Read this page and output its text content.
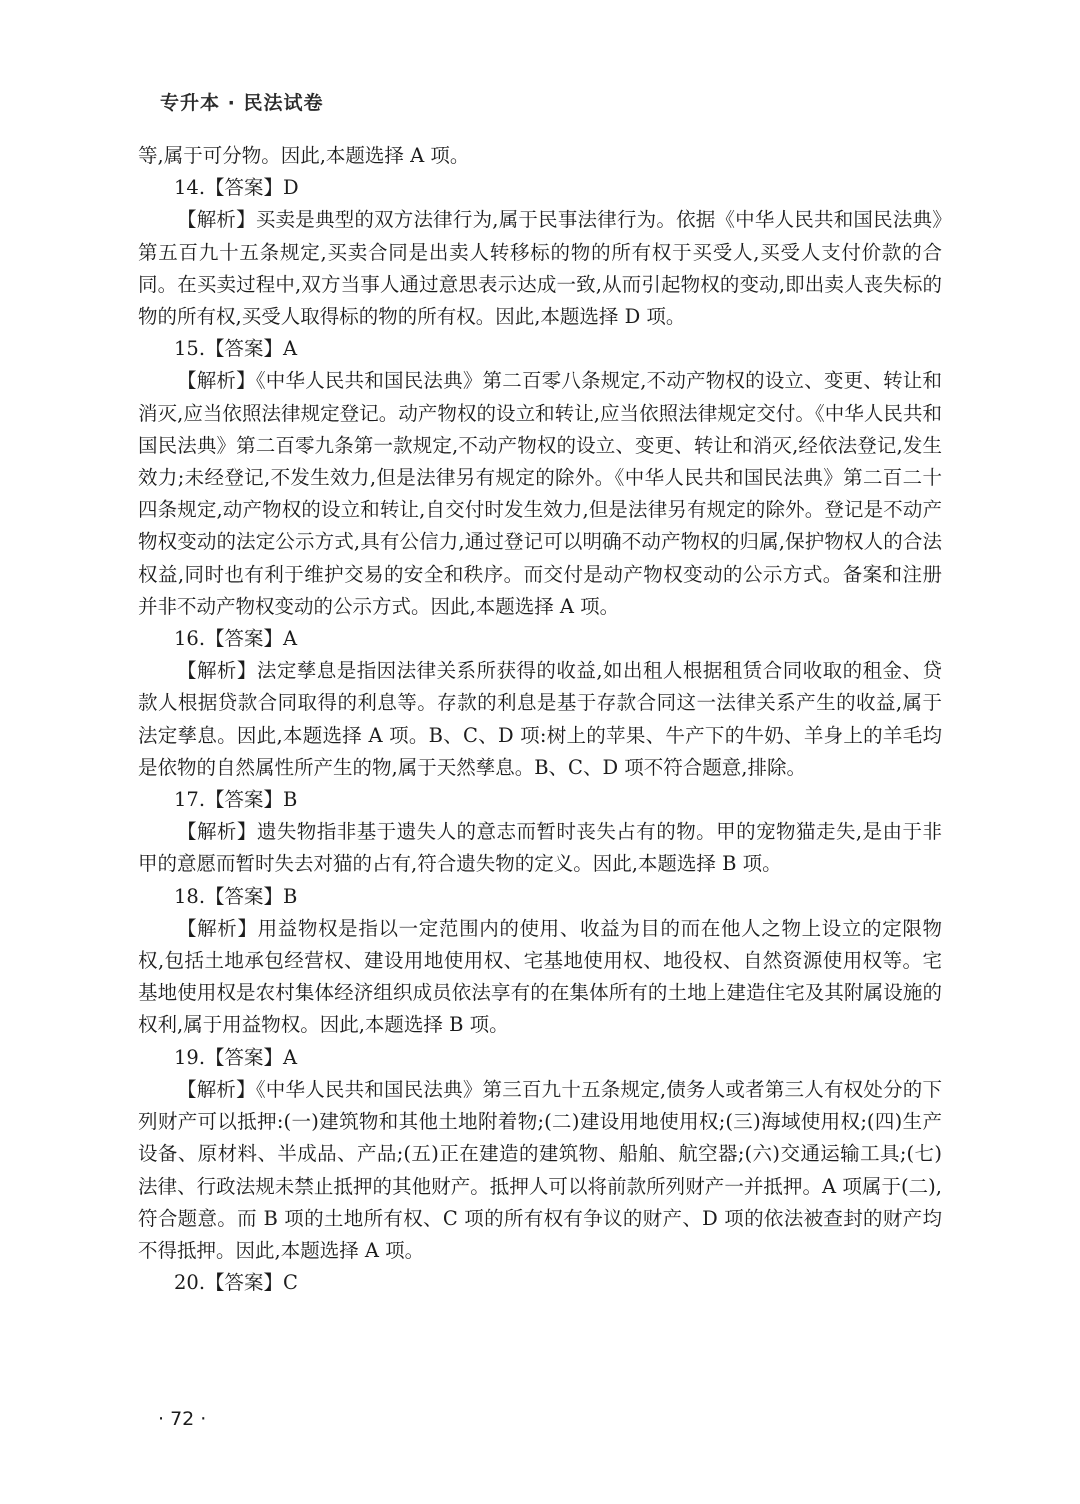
专升本 · 民法试卷

等,属于可分物。因此,本题选择 A 项。

14.【答案】D

【解析】买卖是典型的双方法律行为,属于民事法律行为。依据《中华人民共和国民法典》第五百九十五条规定,买卖合同是出卖人转移标的物的所有权于买受人,买受人支付价款的合同。在买卖过程中,双方当事人通过意思表示达成一致,从而引起物权的变动,即出卖人丧失标的物的所有权,买受人取得标的物的所有权。因此,本题选择 D 项。

15.【答案】A

【解析】《中华人民共和国民法典》第二百零八条规定,不动产物权的设立、变更、转让和消灭,应当依照法律规定登记。动产物权的设立和转让,应当依照法律规定交付。《中华人民共和国民法典》第二百零九条第一款规定,不动产物权的设立、变更、转让和消灭,经依法登记,发生效力;未经登记,不发生效力,但是法律另有规定的除外。《中华人民共和国民法典》第二百二十四条规定,动产物权的设立和转让,自交付时发生效力,但是法律另有规定的除外。登记是不动产物权变动的法定公示方式,具有公信力,通过登记可以明确不动产物权的归属,保护物权人的合法权益,同时也有利于维护交易的安全和秩序。而交付是动产物权变动的公示方式。备案和注册并非不动产物权变动的公示方式。因此,本题选择 A 项。

16.【答案】A

【解析】法定孳息是指因法律关系所获得的收益,如出租人根据租赁合同收取的租金、贷款人根据贷款合同取得的利息等。存款的利息是基于存款合同这一法律关系产生的收益,属于法定孳息。因此,本题选择 A 项。B、C、D 项:树上的苹果、牛产下的牛奶、羊身上的羊毛均是依物的自然属性所产生的物,属于天然孳息。B、C、D 项不符合题意,排除。

17.【答案】B

【解析】遗失物指非基于遗失人的意志而暂时丧失占有的物。甲的宠物猫走失,是由于非甲的意愿而暂时失去对猫的占有,符合遗失物的定义。因此,本题选择 B 项。

18.【答案】B

【解析】用益物权是指以一定范围内的使用、收益为目的而在他人之物上设立的定限物权,包括土地承包经营权、建设用地使用权、宅基地使用权、地役权、自然资源使用权等。宅基地使用权是农村集体经济组织成员依法享有的在集体所有的土地上建造住宅及其附属设施的权利,属于用益物权。因此,本题选择 B 项。

19.【答案】A

【解析】《中华人民共和国民法典》第三百九十五条规定,债务人或者第三人有权处分的下列财产可以抵押:(一)建筑物和其他土地附着物;(二)建设用地使用权;(三)海域使用权;(四)生产设备、原材料、半成品、产品;(五)正在建造的建筑物、船舶、航空器;(六)交通运输工具;(七)法律、行政法规未禁止抵押的其他财产。抵押人可以将前款所列财产一并抵押。A 项属于(二),符合题意。而 B 项的土地所有权、C 项的所有权有争议的财产、D 项的依法被查封的财产均不得抵押。因此,本题选择 A 项。

20.【答案】C

· 72 ·
